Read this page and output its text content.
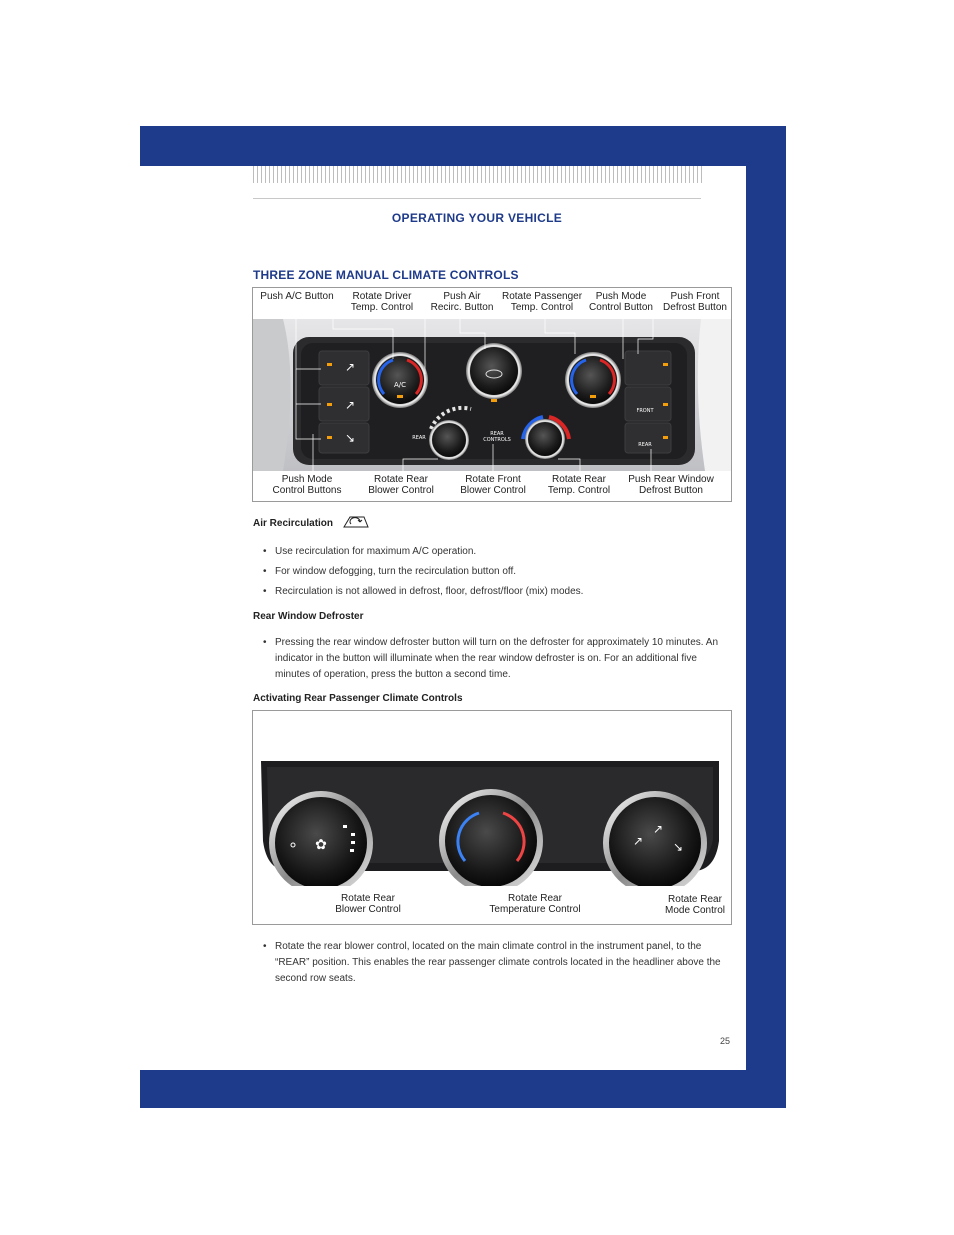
OPERATING YOUR VEHICLE
THREE ZONE MANUAL CLIMATE CONTROLS
Push A/C Button	Rotate Driver
Temp. Control
Push Air
Recirc. Button
Rotate Passenger
Temp. Control
Push Mode
Control Button
Push Front
Defrost Button
↗
↗
↘
A/C
REAR
REAR
CONTROLS
FRONT
REAR
Push Mode
Control Buttons
Rotate Rear
Blower Control
Rotate Front
Blower Control
Rotate Rear
Temp. Control
Push Rear Window
Defrost Button
Air Recirculation
• Use recirculation for maximum A/C operation.
• For window defogging, turn the recirculation button off.
• Recirculation is not allowed in defrost, floor, defrost/floor (mix) modes.
Rear Window Defroster
• Pressing the rear window defroster button will turn on the defroster for approximately 10 minutes. An indicator in the button will illuminate when the rear window defroster is on. For an additional five minutes of operation, press the button a second time.
Activating Rear Passenger Climate Controls
✿	↗
↗
↘
Rotate Rear
Blower Control
Rotate Rear
Temperature Control
Rotate Rear
Mode Control
• Rotate the rear blower control, located on the main climate control in the instrument panel, to the “REAR” position. This enables the rear passenger climate controls located in the headliner above the second row seats.
25
